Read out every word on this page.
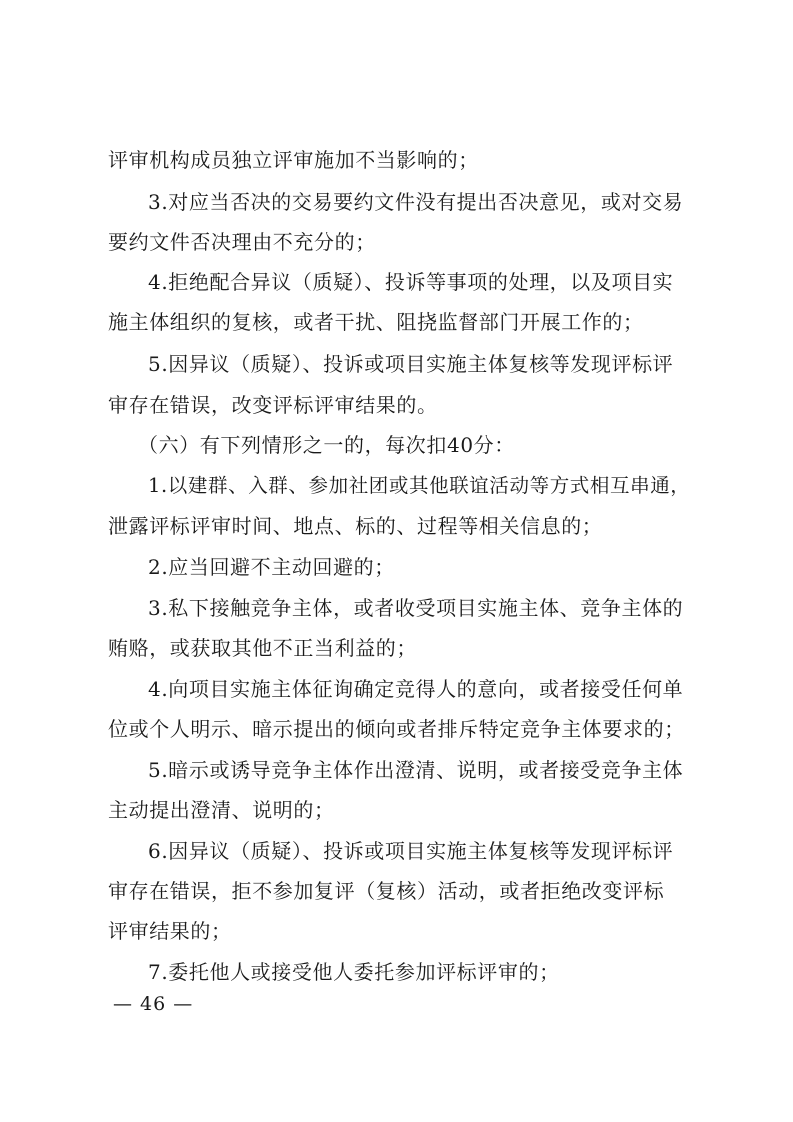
评审机构成员独立评审施加不当影响的；
3.对应当否决的交易要约文件没有提出否决意见，或对交易
要约文件否决理由不充分的；
4.拒绝配合异议（质疑）、投诉等事项的处理，以及项目实
施主体组织的复核，或者干扰、阻挠监督部门开展工作的；
5.因异议（质疑）、投诉或项目实施主体复核等发现评标评
审存在错误，改变评标评审结果的。
（六）有下列情形之一的，每次扣40分：
1.以建群、入群、参加社团或其他联谊活动等方式相互串通，
泄露评标评审时间、地点、标的、过程等相关信息的；
2.应当回避不主动回避的；
3.私下接触竞争主体，或者收受项目实施主体、竞争主体的
贿赂，或获取其他不正当利益的；
4.向项目实施主体征询确定竞得人的意向，或者接受任何单
位或个人明示、暗示提出的倾向或者排斥特定竞争主体要求的；
5.暗示或诱导竞争主体作出澄清、说明，或者接受竞争主体
主动提出澄清、说明的；
6.因异议（质疑）、投诉或项目实施主体复核等发现评标评
审存在错误，拒不参加复评（复核）活动，或者拒绝改变评标
评审结果的；
7.委托他人或接受他人委托参加评标评审的；
— 46 —
